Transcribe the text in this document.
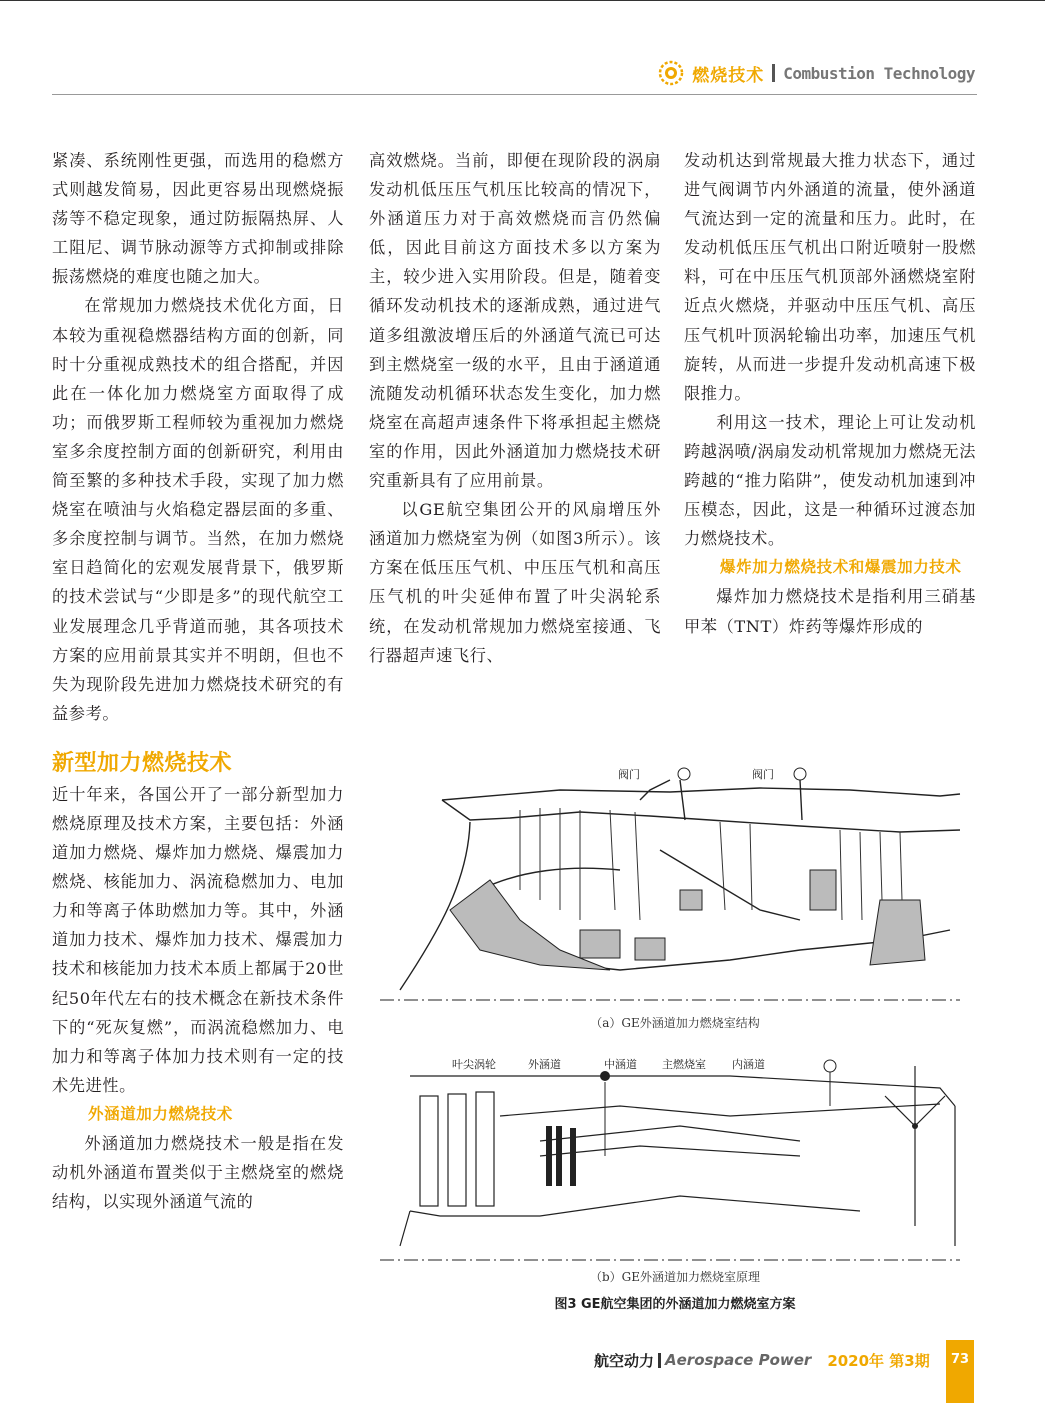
燃烧技术 Combustion Technology

紧凑、系统刚性更强，而选用的稳燃方式则越发简易，因此更容易出现燃烧振荡等不稳定现象，通过防振隔热屏、人工阻尼、调节脉动源等方式抑制或排除振荡燃烧的难度也随之加大。

在常规加力燃烧技术优化方面，日本较为重视稳燃器结构方面的创新，同时十分重视成熟技术的组合搭配，并因此在一体化加力燃烧室方面取得了成功；而俄罗斯工程师较为重视加力燃烧室多余度控制方面的创新研究，利用由简至繁的多种技术手段，实现了加力燃烧室在喷油与火焰稳定器层面的多重、多余度控制与调节。当然，在加力燃烧室日趋简化的宏观发展背景下，俄罗斯的技术尝试与“少即是多”的现代航空工业发展理念几乎背道而驰，其各项技术方案的应用前景其实并不明朗，但也不失为现阶段先进加力燃烧技术研究的有益参考。

新型加力燃烧技术

近十年来，各国公开了一部分新型加力燃烧原理及技术方案，主要包括：外涵道加力燃烧、爆炸加力燃烧、爆震加力燃烧、核能加力、涡流稳燃加力、电加力和等离子体助燃加力等。其中，外涵道加力技术、爆炸加力技术、爆震加力技术和核能加力技术本质上都属于20世纪50年代左右的技术概念在新技术条件下的“死灰复燃”，而涡流稳燃加力、电加力和等离子体加力技术则有一定的技术先进性。

外涵道加力燃烧技术

外涵道加力燃烧技术一般是指在发动机外涵道布置类似于主燃烧室的燃烧结构，以实现外涵道气流的

高效燃烧。当前，即便在现阶段的涡扇发动机低压压气机压比较高的情况下，外涵道压力对于高效燃烧而言仍然偏低，因此目前这方面技术多以方案为主，较少进入实用阶段。但是，随着变循环发动机技术的逐渐成熟，通过进气道多组激波增压后的外涵道气流已可达到主燃烧室一级的水平，且由于涵道通流随发动机循环状态发生变化，加力燃烧室在高超声速条件下将承担起主燃烧室的作用，因此外涵道加力燃烧技术研究重新具有了应用前景。

以GE航空集团公开的风扇增压外涵道加力燃烧室为例（如图3所示）。该方案在低压压气机、中压压气机和高压压气机的叶尖延伸布置了叶尖涡轮系统，在发动机常规加力燃烧室接通、飞行器超声速飞行、

发动机达到常规最大推力状态下，通过进气阀调节内外涵道的流量，使外涵道气流达到一定的流量和压力。此时，在发动机低压压气机出口附近喷射一股燃料，可在中压压气机顶部外涵燃烧室附近点火燃烧，并驱动中压压气机、高压压气机叶顶涡轮输出功率，加速压气机旋转，从而进一步提升发动机高速下极限推力。

利用这一技术，理论上可让发动机跨越涡喷/涡扇发动机常规加力燃烧无法跨越的“推力陷阱”，使发动机加速到冲压模态，因此，这是一种循环过渡态加力燃烧技术。

爆炸加力燃烧技术和爆震加力技术

爆炸加力燃烧技术是指利用三硝基甲苯（TNT）炸药等爆炸形成的

阀门	阀门
（a）GE外涵道加力燃烧室结构
叶尖涡轮	外涵道	中涵道 主燃烧室 内涵道
（b）GE外涵道加力燃烧室原理
图3 GE航空集团的外涵道加力燃烧室方案
航空动力 Aerospace Power 2020年 第3期	73
